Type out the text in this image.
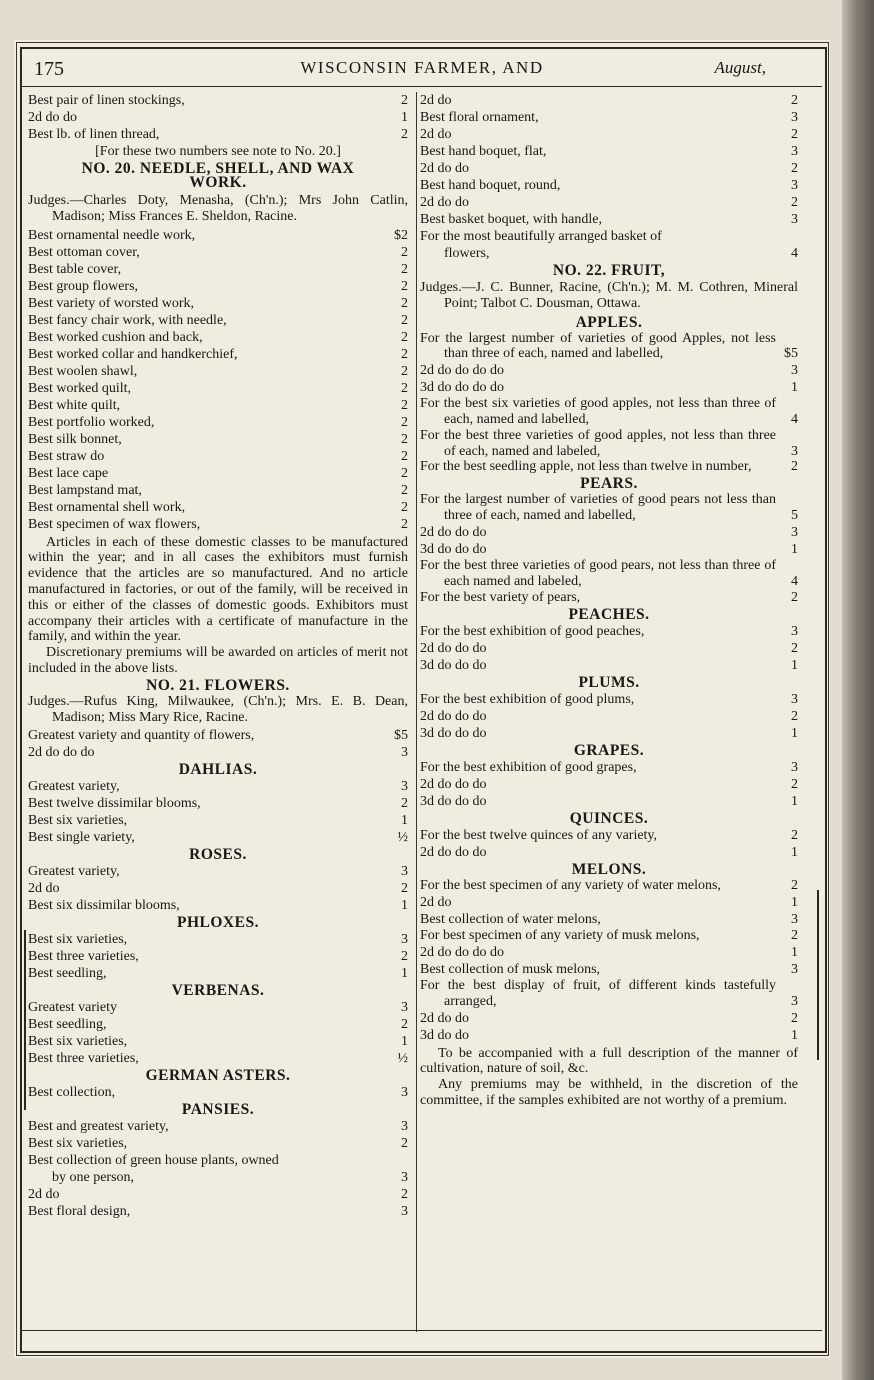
175	WISCONSIN FARMER, AND	August,
Best pair of linen stockings,	2
2d do do	1
Best lb. of linen thread,	2
[For these two numbers see note to No. 20.]
NO. 20. NEEDLE, SHELL, AND WAX
WORK.

Judges.—Charles Doty, Menasha, (Ch'n.); Mrs John Catlin, Madison; Miss Frances E. Sheldon, Racine.

Best ornamental needle work,	$2
Best ottoman cover,	2
Best table cover,	2
Best group flowers,	2
Best variety of worsted work,	2
Best fancy chair work, with needle,	2
Best worked cushion and back,	2
Best worked collar and handkerchief,	2
Best woolen shawl,	2
Best worked quilt,	2
Best white quilt,	2
Best portfolio worked,	2
Best silk bonnet,	2
Best straw do	2
Best lace cape	2
Best lampstand mat,	2
Best ornamental shell work,	2
Best specimen of wax flowers,	2

Articles in each of these domestic classes to be manufactured within the year; and in all cases the exhibitors must furnish evidence that the articles are so manufactured. And no article manufactured in factories, or out of the family, will be received in this or either of the classes of domestic goods. Exhibitors must accompany their articles with a certificate of manufacture in the family, and within the year.

Discretionary premiums will be awarded on articles of merit not included in the above lists.

NO. 21. FLOWERS.

Judges.—Rufus King, Milwaukee, (Ch'n.); Mrs. E. B. Dean, Madison; Miss Mary Rice, Racine.

Greatest variety and quantity of flowers,	$5
2d do do do	3
DAHLIAS.
Greatest variety,	3
Best twelve dissimilar blooms,	2
Best six varieties,	1
Best single variety,	½
ROSES.
Greatest variety,	3
2d do	2
Best six dissimilar blooms,	1
PHLOXES.
Best six varieties,	3
Best three varieties,	2
Best seedling,	1
VERBENAS.
Greatest variety	3
Best seedling,	2
Best six varieties,	1
Best three varieties,	½
GERMAN ASTERS.
Best collection,	3
PANSIES.
Best and greatest variety,	3
Best six varieties,	2
Best collection of green house plants, owned
by one person,	3
2d do	2
Best floral design,	3
2d do	2
Best floral ornament,	3
2d do	2
Best hand boquet, flat,	3
2d do do	2
Best hand boquet, round,	3
2d do do	2
Best basket boquet, with handle,	3
For the most beautifully arranged basket of
flowers,	4
NO. 22. FRUIT,

Judges.—J. C. Bunner, Racine, (Ch'n.); M. M. Cothren, Mineral Point; Talbot C. Dousman, Ottawa.

APPLES.

For the largest number of varieties of good Apples, not less than three of each, named and labelled,	$5
2d do do do do	3
3d do do do do	1

For the best six varieties of good apples, not less than three of each, named and labelled,	4

For the best three varieties of good apples, not less than three of each, named and labeled,	3

For the best seedling apple, not less than twelve in number,	2
PEARS.

For the largest number of varieties of good pears not less than three of each, named and labelled,	5
2d do do do	3
3d do do do	1

For the best three varieties of good pears, not less than three of each named and labeled,	4
For the best variety of pears,	2
PEACHES.
For the best exhibition of good peaches,	3
2d do do do	2
3d do do do	1
PLUMS.
For the best exhibition of good plums,	3
2d do do do	2
3d do do do	1
GRAPES.
For the best exhibition of good grapes,	3
2d do do do	2
3d do do do	1
QUINCES.
For the best twelve quinces of any variety,	2
2d do do do	1
MELONS.

For the best specimen of any variety of water melons,	2
2d do	1
Best collection of water melons,	3

For best specimen of any variety of musk melons,	2
2d do do do do	1
Best collection of musk melons,	3

For the best display of fruit, of different kinds tastefully arranged,	3
2d do do	2
3d do do	1

To be accompanied with a full description of the manner of cultivation, nature of soil, &c.

Any premiums may be withheld, in the discretion of the committee, if the samples exhibited are not worthy of a premium.
